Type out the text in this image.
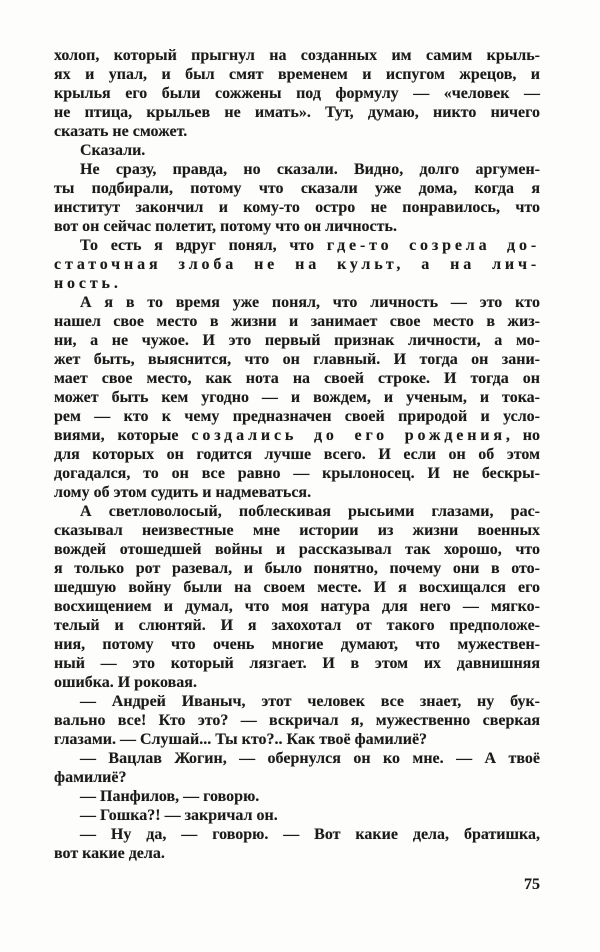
холоп, который прыгнул на созданных им самим крыль-
ях и упал, и был смят временем и испугом жрецов, и
крылья его были сожжены под формулу — «человек —
не птица, крыльев не имать». Тут, думаю, никто ничего
сказать не сможет.
Сказали.
Не сразу, правда, но сказали. Видно, долго аргумен-
ты подбирали, потому что сказали уже дома, когда я
институт закончил и кому-то остро не понравилось, что
вот он сейчас полетит, потому что он личность.
То есть я вдруг понял, что где-то созрела до-
статочная злоба не на культ, а на лич-
ность.
А я в то время уже понял, что личность — это кто
нашел свое место в жизни и занимает свое место в жиз-
ни, а не чужое. И это первый признак личности, а мо-
жет быть, выяснится, что он главный. И тогда он зани-
мает свое место, как нота на своей строке. И тогда он
может быть кем угодно — и вождем, и ученым, и тока-
рем — кто к чему предназначен своей природой и усло-
виями, которые создались до его рождения, но
для которых он годится лучше всего. И если он об этом
догадался, то он все равно — крылоносец. И не бескры-
лому об этом судить и надмеваться.
А светловолосый, поблескивая рысьими глазами, рас-
сказывал неизвестные мне истории из жизни военных
вождей отошедшей войны и рассказывал так хорошо, что
я только рот разевал, и было понятно, почему они в ото-
шедшую войну были на своем месте. И я восхищался его
восхищением и думал, что моя натура для него — мягко-
телый и слюнтяй. И я захохотал от такого предположе-
ния, потому что очень многие думают, что мужествен-
ный — это который лязгает. И в этом их давнишняя
ошибка. И роковая.
— Андрей Иваныч, этот человек все знает, ну бук-
вально все! Кто это? — вскричал я, мужественно сверкая
глазами. — Слушай... Ты кто?.. Как твоё фамилиё?
— Вацлав Жогин, — обернулся он ко мне. — А твоё
фамилиё?
— Панфилов, — говорю.
— Гошка?! — закричал он.
— Ну да, — говорю. — Вот какие дела, братишка,
вот какие дела.
75
